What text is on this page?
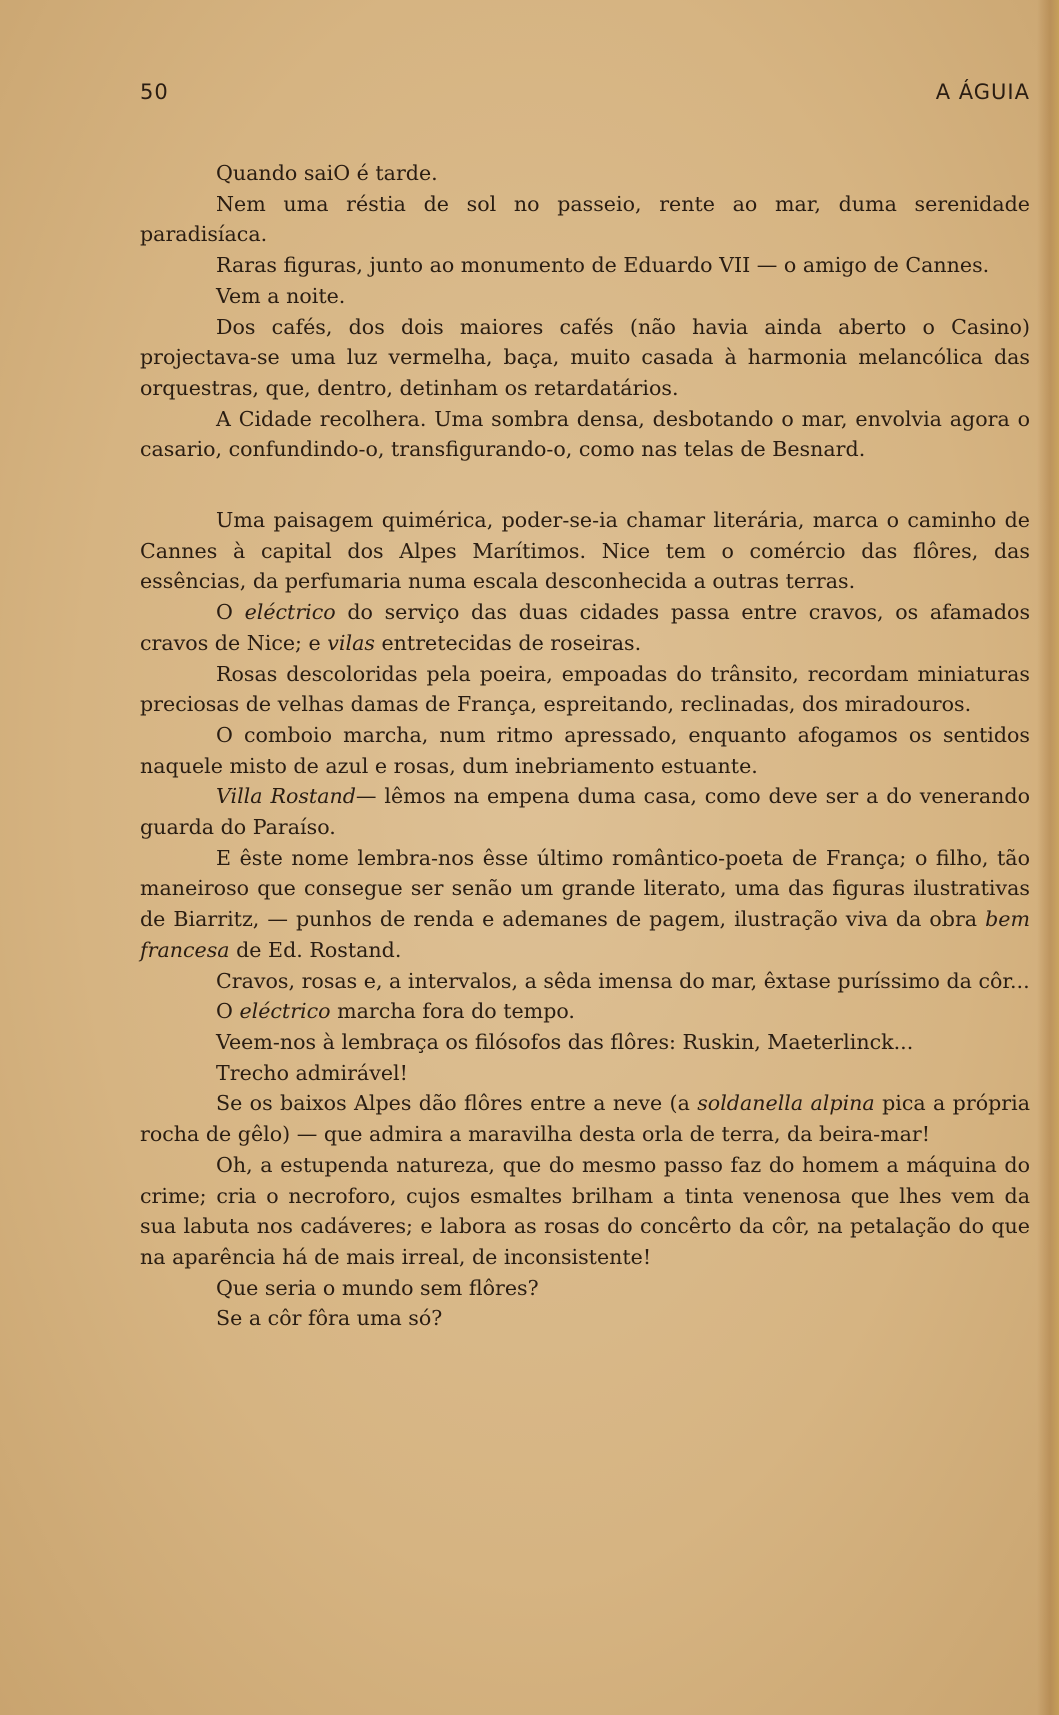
50	A ÁGUIA

Quando saiO é tarde.

Nem uma réstia de sol no passeio, rente ao mar, duma serenidade paradisíaca.

Raras figuras, junto ao monumento de Eduardo VII — o amigo de Cannes.

Vem a noite.

Dos cafés, dos dois maiores cafés (não havia ainda aberto o Casino) projectava-se uma luz vermelha, baça, muito casada à harmonia melancólica das orquestras, que, dentro, detinham os retardatários.

A Cidade recolhera. Uma sombra densa, desbotando o mar, envolvia agora o casario, confundindo-o, transfigurando-o, como nas telas de Besnard.

Uma paisagem quimérica, poder-se-ia chamar literária, marca o caminho de Cannes à capital dos Alpes Marítimos. Nice tem o comércio das flôres, das essências, da perfumaria numa escala desconhecida a outras terras.

O eléctrico do serviço das duas cidades passa entre cravos, os afamados cravos de Nice; e vilas entretecidas de roseiras.

Rosas descoloridas pela poeira, empoadas do trânsito, recordam miniaturas preciosas de velhas damas de França, espreitando, reclinadas, dos miradouros.

O comboio marcha, num ritmo apressado, enquanto afogamos os sentidos naquele misto de azul e rosas, dum inebriamento estuante.

Villa Rostand— lêmos na empena duma casa, como deve ser a do venerando guarda do Paraíso.

E êste nome lembra-nos êsse último romântico-poeta de França; o filho, tão maneiroso que consegue ser senão um grande literato, uma das figuras ilustrativas de Biarritz, — punhos de renda e ademanes de pagem, ilustração viva da obra bem francesa de Ed. Rostand.

Cravos, rosas e, a intervalos, a sêda imensa do mar, êxtase puríssimo da côr...

O eléctrico marcha fora do tempo.

Veem-nos à lembraça os filósofos das flôres: Ruskin, Maeterlinck...

Trecho admirável!

Se os baixos Alpes dão flôres entre a neve (a soldanella alpina pica a própria rocha de gêlo) — que admira a maravilha desta orla de terra, da beira-mar!

Oh, a estupenda natureza, que do mesmo passo faz do homem a máquina do crime; cria o necroforo, cujos esmaltes brilham a tinta venenosa que lhes vem da sua labuta nos cadáveres; e labora as rosas do concêrto da côr, na petalação do que na aparência há de mais irreal, de inconsistente!

Que seria o mundo sem flôres?

Se a côr fôra uma só?
